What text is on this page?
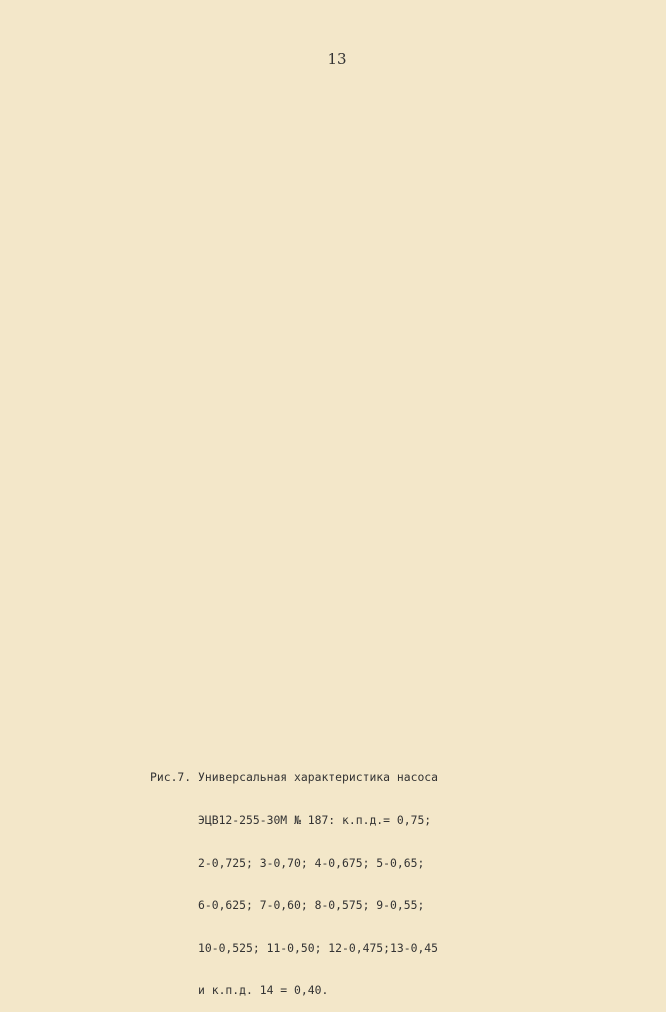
13

Рис.7. Универсальная характеристика насоса

ЭЦВ12-255-30М № 187: к.п.д.= 0,75;

2-0,725; 3-0,70; 4-0,675; 5-0,65;

6-0,625; 7-0,60; 8-0,575; 9-0,55;

10-0,525; 11-0,50; 12-0,475;13-0,45

и к.п.д. 14 = 0,40.
